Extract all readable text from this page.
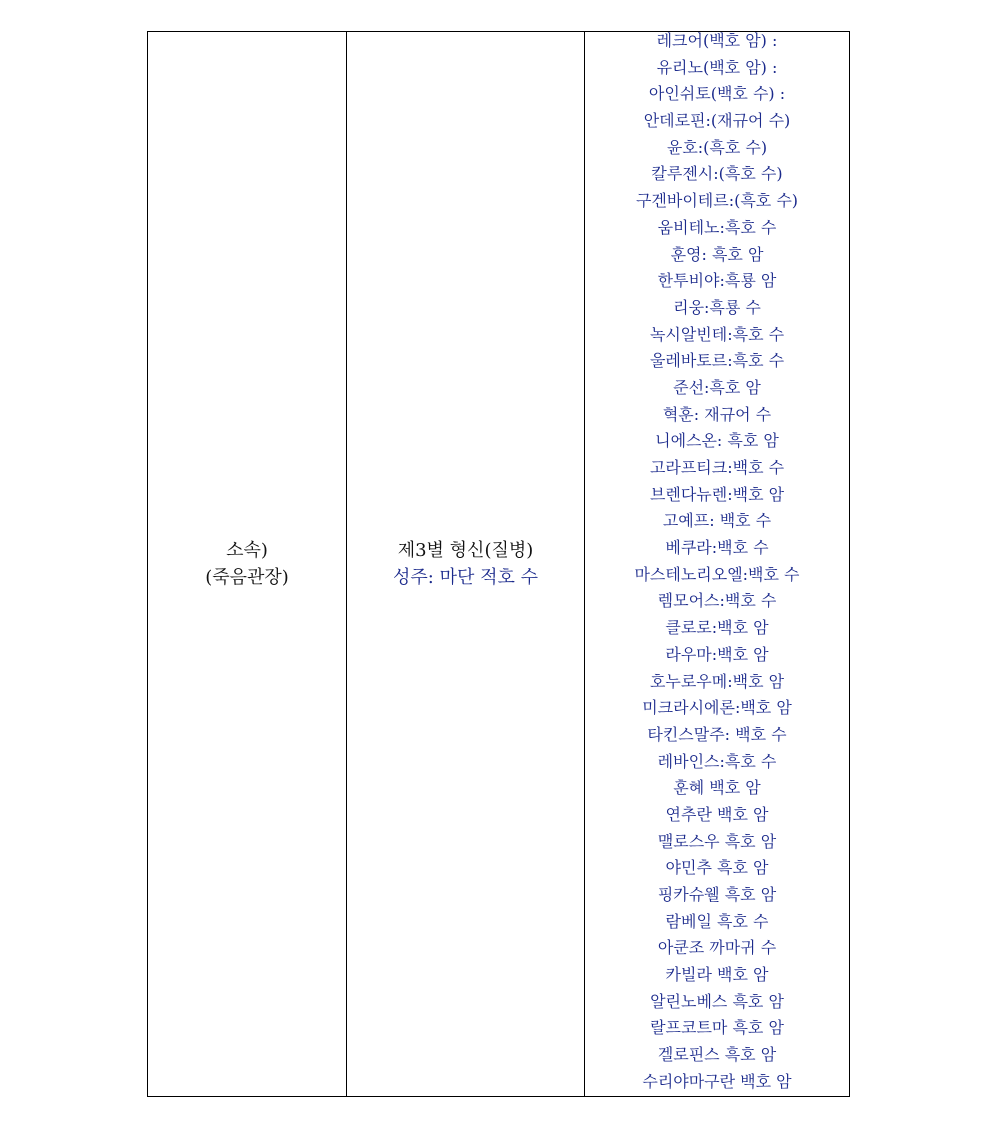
소속)
(죽음관장)

제3별 형신(질병)
성주: 마단 적호 수

레크어(백호 암) :
유리노(백호 암) :
아인쉬토(백호 수) :
안데로핀:(재규어 수)
윤호:(흑호 수)
칼루젠시:(흑호 수)
구겐바이테르:(흑호 수)
움비테노:흑호 수
훈영: 흑호 암
한투비야:흑룡 암
리웅:흑룡 수
녹시알빈테:흑호 수
울레바토르:흑호 수
준선:흑호 암
혁훈: 재규어 수
니에스온: 흑호 암
고라프티크:백호 수
브렌다뉴렌:백호 암
고예프: 백호 수
베쿠라:백호 수
마스테노리오엘:백호 수
렘모어스:백호 수
클로로:백호 암
라우마:백호 암
호누로우메:백호 암
미크라시에론:백호 암
타킨스말주: 백호 수
레바인스:흑호 수
훈혜 백호 암
연추란 백호 암
맬로스우 흑호 암
야민추 흑호 암
핑카슈웰 흑호 암
람베일 흑호 수
아쿤조 까마귀 수
카빌라 백호 암
알린노베스 흑호 암
랄프코트마 흑호 암
겔로핀스 흑호 암
수리야마구란 백호 암
